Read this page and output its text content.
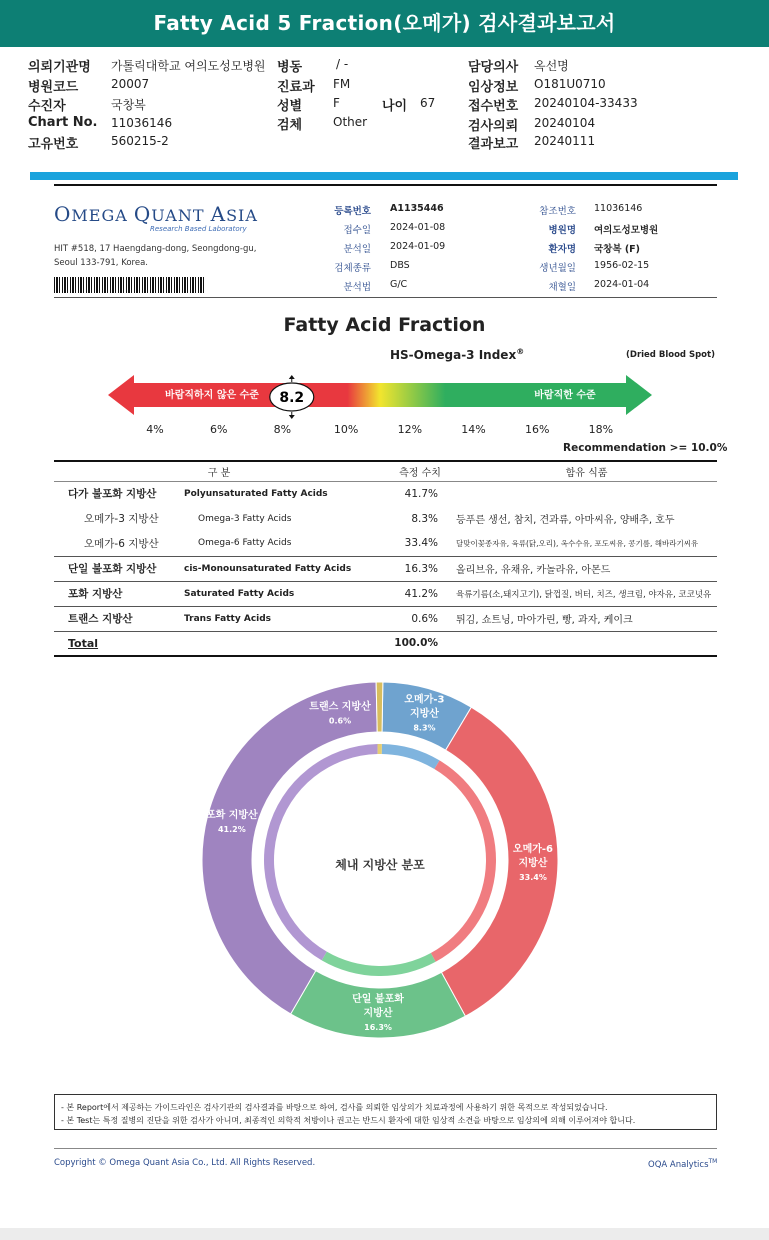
Fatty Acid 5 Fraction(오메가) 검사결과보고서
의뢰기관명 가톨릭대학교 여의도성모병원 병동	/ -	담당의사 옥선명
병원코드	20007	진료과 FM	임상정보 O181U0710
수진자	국창복	성별	F	나이 67	접수번호 20240104-33433
Chart No. 11036146	검체	Other	검사의뢰 20240104
고유번호	560215-2	결과보고 20240111
OMEGA QUANT ASIA
Research Based Laboratory
HIT #518, 17 Haengdang-dong, Seongdong-gu,
Seoul 133-791, Korea.
등록번호 A1135446	참조번호 11036146
접수일 2024-01-08	병원명 여의도성모병원
분석일 2024-01-09	환자명 국창복 (F)
검체종류 DBS	생년월일 1956-02-15
분석법 G/C	채혈일 2024-01-04
Fatty Acid Fraction
HS-Omega-3 Index®	(Dried Blood Spot)
바람직하지 않은 수준	바람직한 수준
8.2
4%	6%	8%	10%	12%	14%	16%	18%
Recommendation >= 10.0%
구 분		측정 수치	함유 식품
다가 불포화 지방산	Polyunsaturated Fatty Acids	41.7%	
오메가-3 지방산	Omega-3 Fatty Acids	8.3%	등푸른 생선, 참치, 견과류, 아마씨유, 양배추, 호두
오메가-6 지방산	Omega-6 Fatty Acids	33.4%	달맞이꽃종자유, 육류(닭,오리), 옥수수유, 포도씨유, 콩기름, 해바라기씨유
단일 불포화 지방산	cis-Monounsaturated Fatty Acids	16.3%	올리브유, 유채유, 카놀라유, 아몬드
포화 지방산	Saturated Fatty Acids	41.2%	육류기름(소,돼지고기), 닭껍질, 버터, 치즈, 생크림, 야자유, 코코넛유
트랜스 지방산	Trans Fatty Acids	0.6%	튀김, 쇼트닝, 마아가린, 빵, 과자, 케이크
Total		100.0%	
체내 지방산 분포
오메가-3
지방산
8.3%
오메가-6
지방산
33.4%
단일 불포화
지방산
16.3%
포화 지방산
41.2%
트랜스 지방산
0.6%
- 본 Report에서 제공하는 가이드라인은 검사기관의 검사결과를 바탕으로 하여, 검사를 의뢰한 임상의가 치료과정에 사용하기 위한 목적으로 작성되었습니다.
- 본 Test는 특정 질병의 진단을 위한 검사가 아니며, 최종적인 의학적 처방이나 권고는 반드시 환자에 대한 임상적 소견을 바탕으로 임상의에 의해 이루어져야 합니다.
Copyright © Omega Quant Asia Co., Ltd. All Rights Reserved.	OQA Analytics™
